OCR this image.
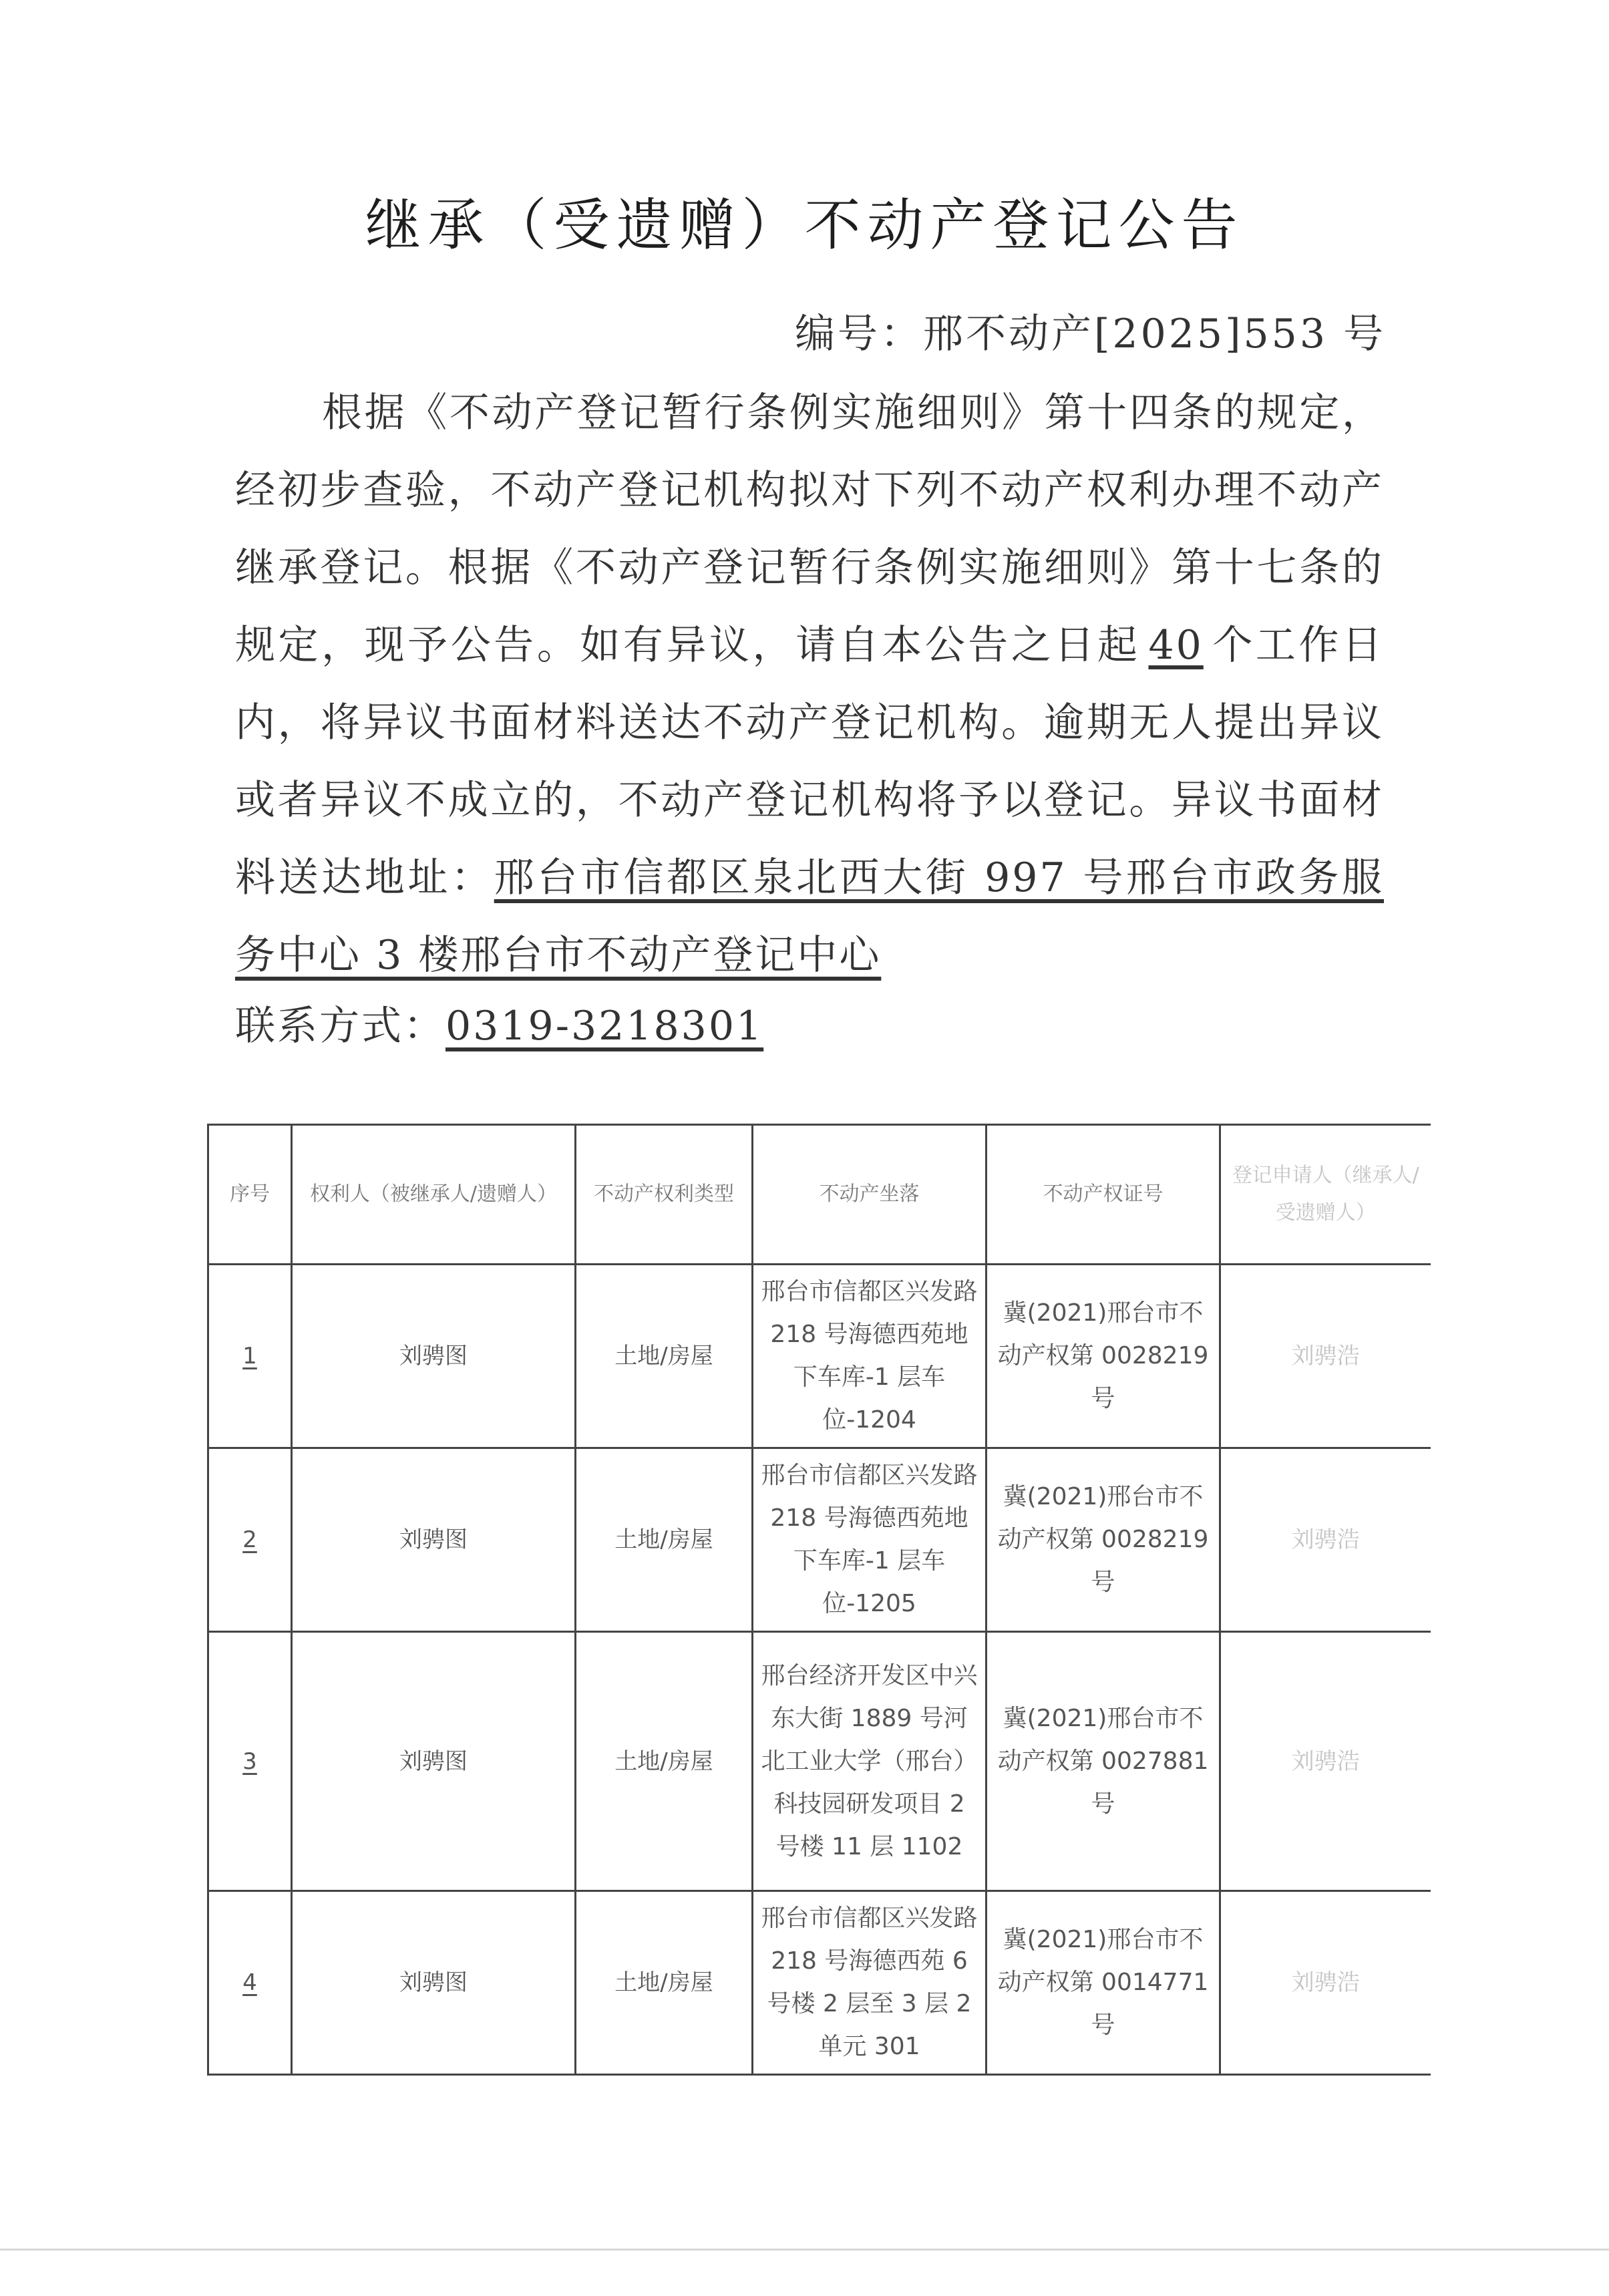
继承（受遗赠）不动产登记公告
编号：邢不动产[2025]553 号

根据《不动产登记暂行条例实施细则》第十四条的规定，经初步查验，不动产登记机构拟对下列不动产权利办理不动产继承登记。根据《不动产登记暂行条例实施细则》第十七条的规定，现予公告。如有异议，请自本公告之日起 40 个工作日内，将异议书面材料送达不动产登记机构。逾期无人提出异议或者异议不成立的，不动产登记机构将予以登记。异议书面材料送达地址：邢台市信都区泉北西大街 997 号邢台市政务服务中心 3 楼邢台市不动产登记中心

联系方式：0319-3218301
序号	权利人（被继承人/遗赠人）	不动产权利类型	不动产坐落	不动产权证号	登记申请人（继承人/受遗赠人）
1	刘骋图	土地/房屋	邢台市信都区兴发路 218 号海德西苑地下车库-1 层车位-1204	冀(2021)邢台市不动产权第 0028219 号	刘骋浩
2	刘骋图	土地/房屋	邢台市信都区兴发路 218 号海德西苑地下车库-1 层车位-1205	冀(2021)邢台市不动产权第 0028219 号	刘骋浩
3	刘骋图	土地/房屋	邢台经济开发区中兴东大街 1889 号河北工业大学（邢台）科技园研发项目 2 号楼 11 层 1102	冀(2021)邢台市不动产权第 0027881 号	刘骋浩
4	刘骋图	土地/房屋	邢台市信都区兴发路 218 号海德西苑 6 号楼 2 层至 3 层 2 单元 301	冀(2021)邢台市不动产权第 0014771 号	刘骋浩
